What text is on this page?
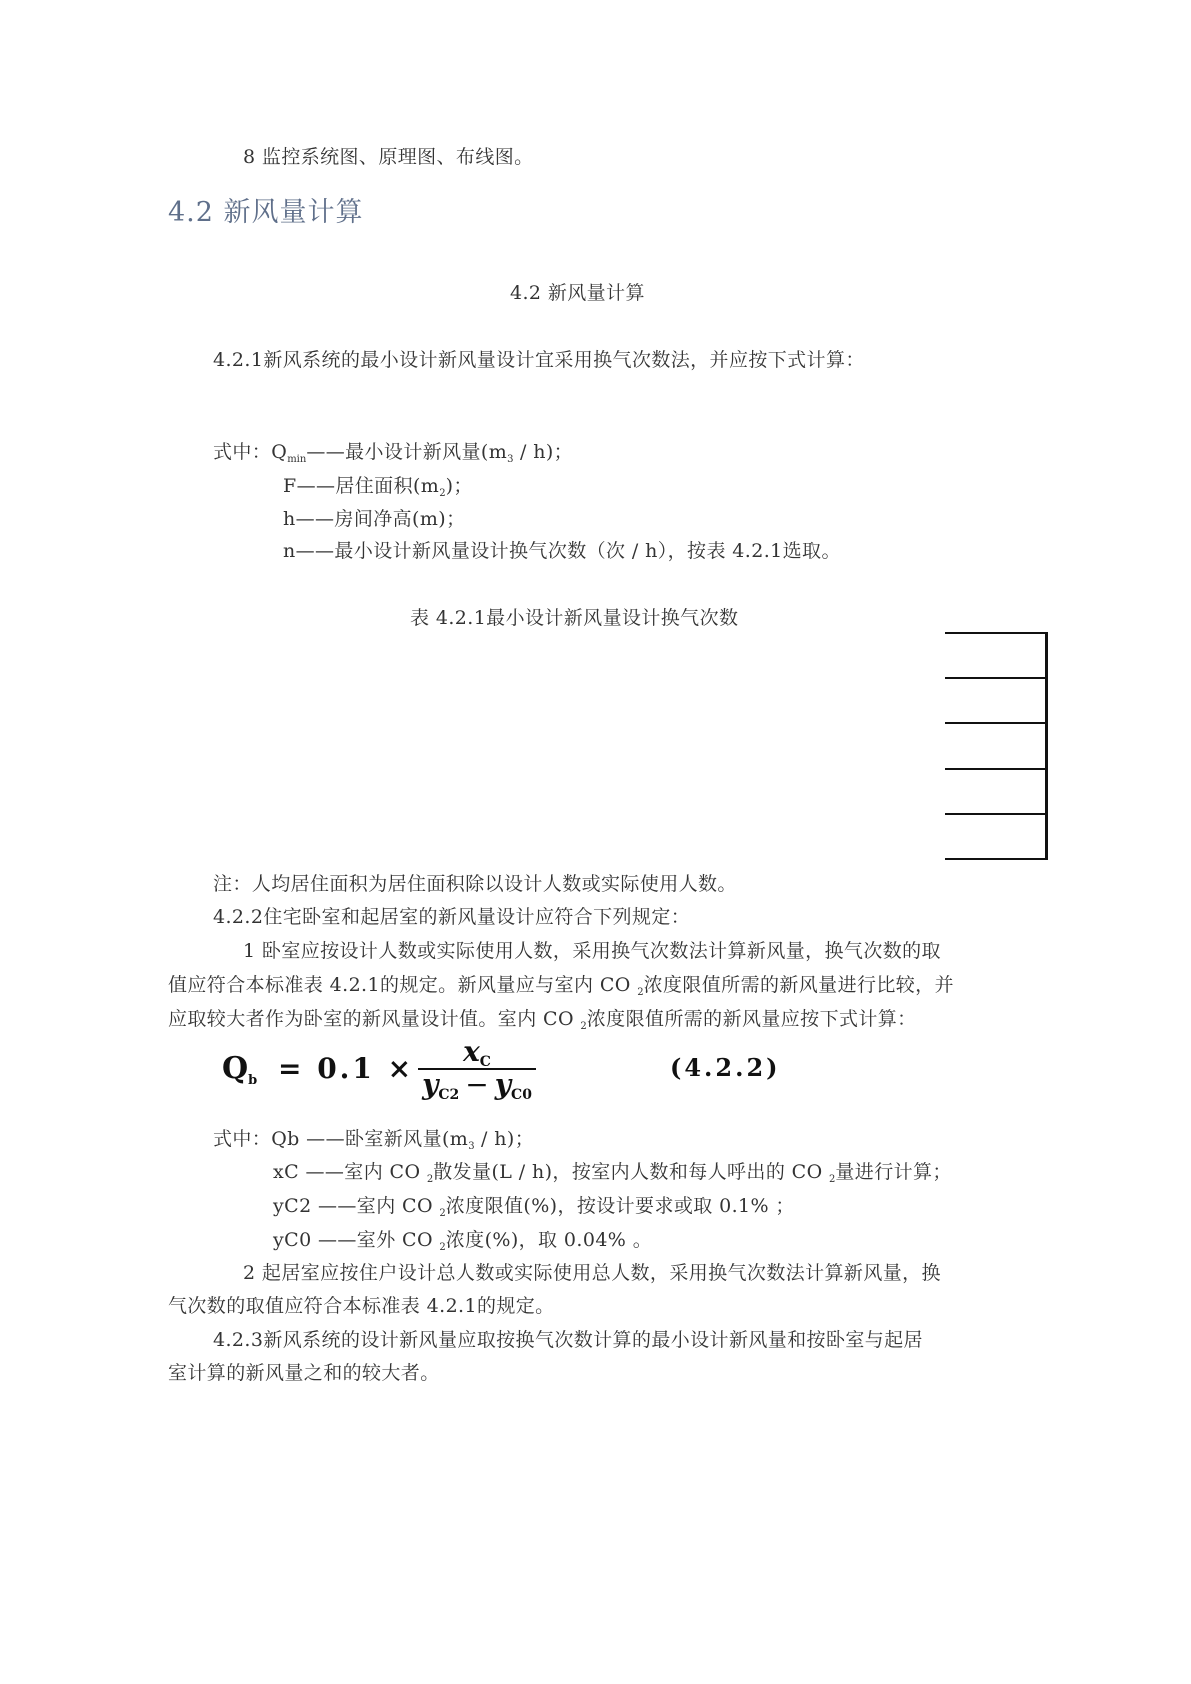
8 监控系统图、原理图、布线图。
4.2 新风量计算
4.2 新风量计算
4.2.1新风系统的最小设计新风量设计宜采用换气次数法，并应按下式计算：
式中：$Q_{min}——$最小设计新风量$(m_3 / h)$；
F——居住面积$(m_2)$；
h——房间净高(m)；
n——最小设计新风量设计换气次数（次 / h），按表 4.2.1选取。
表 4.2.1最小设计新风量设计换气次数
注：人均居住面积为居住面积除以设计人数或实际使用人数。
4.2.2住宅卧室和起居室的新风量设计应符合下列规定：
1 卧室应按设计人数或实际使用人数，采用换气次数法计算新风量，换气次数的取
值应符合本标准表 4.2.1的规定。新风量应与室内 CO $_2$浓度限值所需的新风量进行比较，并
应取较大者作为卧室的新风量设计值。室内 CO $_2$浓度限值所需的新风量应按下式计算：
$Q_b = 0.1 \times \frac{x_C}{y_{C2} - y_{C0}}$	(4.2.2)
式中：Qb ——卧室新风量$(m_3 / h)$；
xC ——室内 CO $_2$散发量(L / h)，按室内人数和每人呼出的 CO $_2$量进行计算；
yC2 ——室内 CO $_2$浓度限值(%)，按设计要求或取 0.1% ；
yC0 ——室外 CO $_2$浓度(%)，取 0.04% 。
2 起居室应按住户设计总人数或实际使用总人数，采用换气次数法计算新风量，换
气次数的取值应符合本标准表 4.2.1的规定。
4.2.3新风系统的设计新风量应取按换气次数计算的最小设计新风量和按卧室与起居
室计算的新风量之和的较大者。
